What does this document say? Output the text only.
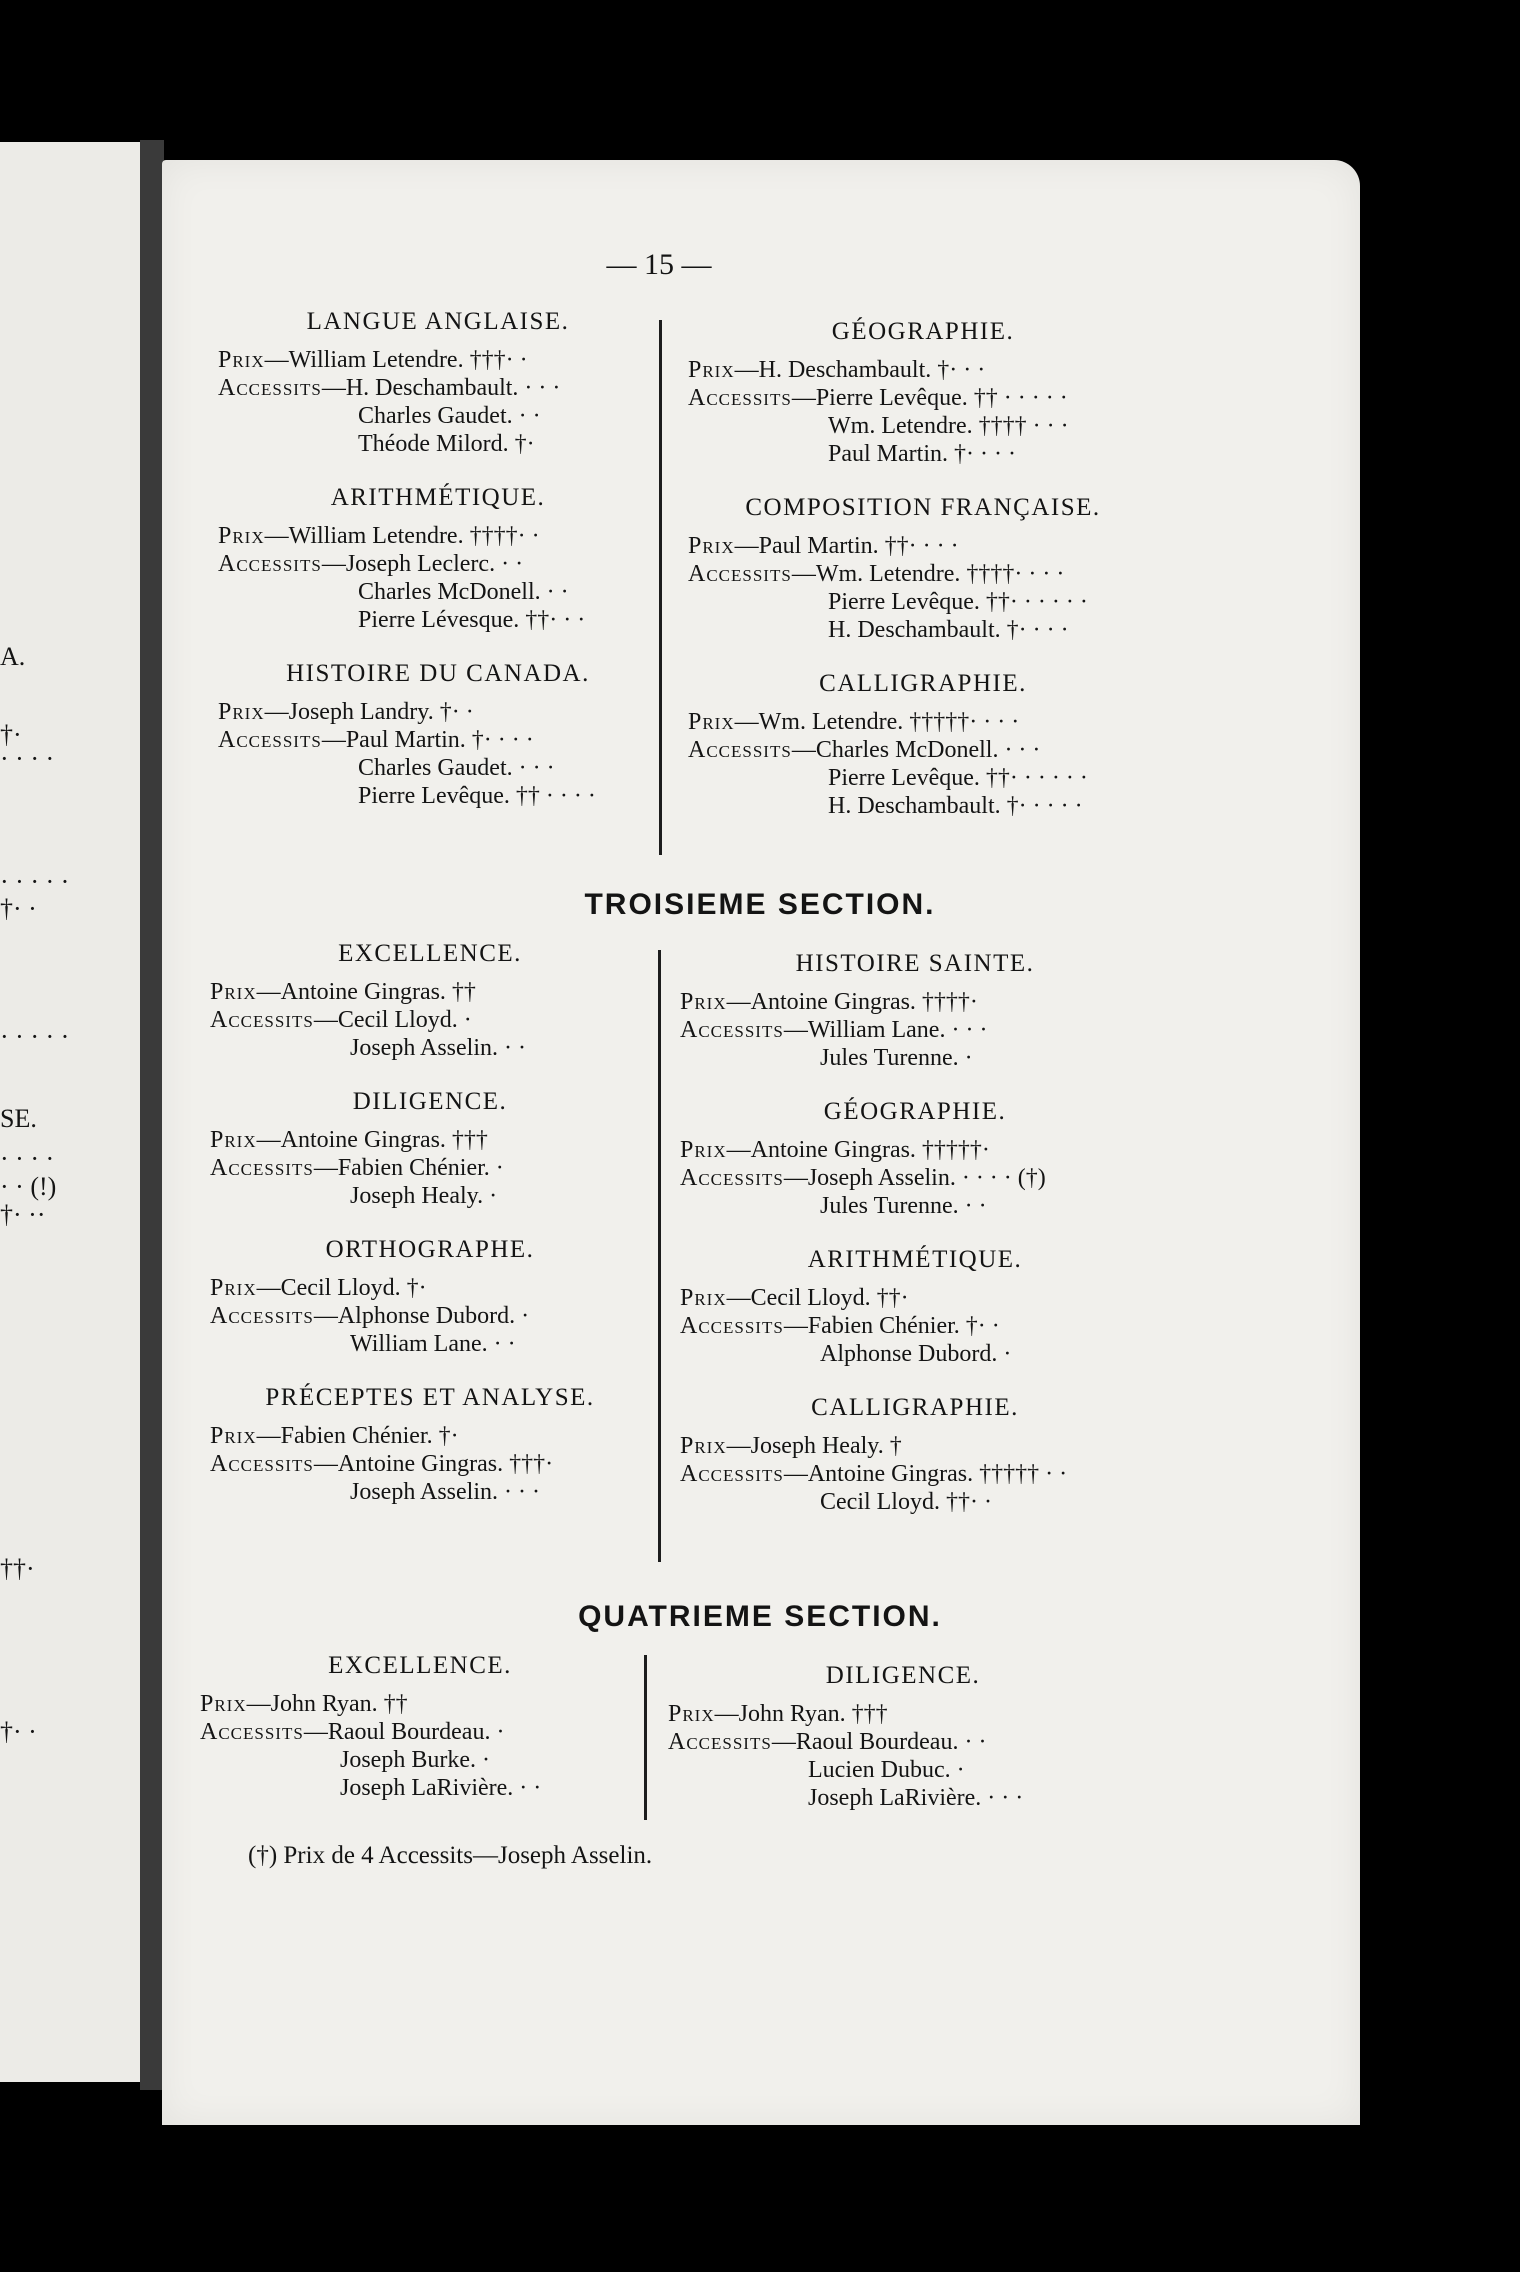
A.
†·
· · · ·
· · · · ·
†· ·
· · · · ·
SE.
· · · ·
· · (!)
†· ··
††·
†· ·
— 15 —
TROISIEME SECTION.
QUATRIEME SECTION.
LANGUE ANGLAISE.
Prix—William Letendre. †††· ·
Accessits—H. Deschambault. · · ·
Charles Gaudet. · ·
Théode Milord. †·
ARITHMÉTIQUE.
Prix—William Letendre. ††††· ·
Accessits—Joseph Leclerc. · ·
Charles McDonell. · ·
Pierre Lévesque. ††· · ·
HISTOIRE DU CANADA.
Prix—Joseph Landry. †· ·
Accessits—Paul Martin. †· · · ·
Charles Gaudet. · · ·
Pierre Levêque. †† · · · ·
GÉOGRAPHIE.
Prix—H. Deschambault. †· · ·
Accessits—Pierre Levêque. †† · · · · ·
Wm. Letendre. †††† · · ·
Paul Martin. †· · · ·
COMPOSITION FRANÇAISE.
Prix—Paul Martin. ††· · · ·
Accessits—Wm. Letendre. ††††· · · ·
Pierre Levêque. ††· · · · · ·
H. Deschambault. †· · · ·
CALLIGRAPHIE.
Prix—Wm. Letendre. †††††· · · ·
Accessits—Charles McDonell. · · ·
Pierre Levêque. ††· · · · · ·
H. Deschambault. †· · · · ·
EXCELLENCE.
Prix—Antoine Gingras. ††
Accessits—Cecil Lloyd. ·
Joseph Asselin. · ·
DILIGENCE.
Prix—Antoine Gingras. †††
Accessits—Fabien Chénier. ·
Joseph Healy. ·
ORTHOGRAPHE.
Prix—Cecil Lloyd. †·
Accessits—Alphonse Dubord. ·
William Lane. · ·
PRÉCEPTES ET ANALYSE.
Prix—Fabien Chénier. †·
Accessits—Antoine Gingras. †††·
Joseph Asselin. · · ·
HISTOIRE SAINTE.
Prix—Antoine Gingras. ††††·
Accessits—William Lane. · · ·
Jules Turenne. ·
GÉOGRAPHIE.
Prix—Antoine Gingras. †††††·
Accessits—Joseph Asselin. · · · · (†)
Jules Turenne. · ·
ARITHMÉTIQUE.
Prix—Cecil Lloyd. ††·
Accessits—Fabien Chénier. †· ·
Alphonse Dubord. ·
CALLIGRAPHIE.
Prix—Joseph Healy. †
Accessits—Antoine Gingras. ††††† · ·
Cecil Lloyd. ††· ·
EXCELLENCE.
Prix—John Ryan. ††
Accessits—Raoul Bourdeau. ·
Joseph Burke. ·
Joseph LaRivière. · ·
DILIGENCE.
Prix—John Ryan. †††
Accessits—Raoul Bourdeau. · ·
Lucien Dubuc. ·
Joseph LaRivière. · · ·
(†) Prix de 4 Accessits—Joseph Asselin.
